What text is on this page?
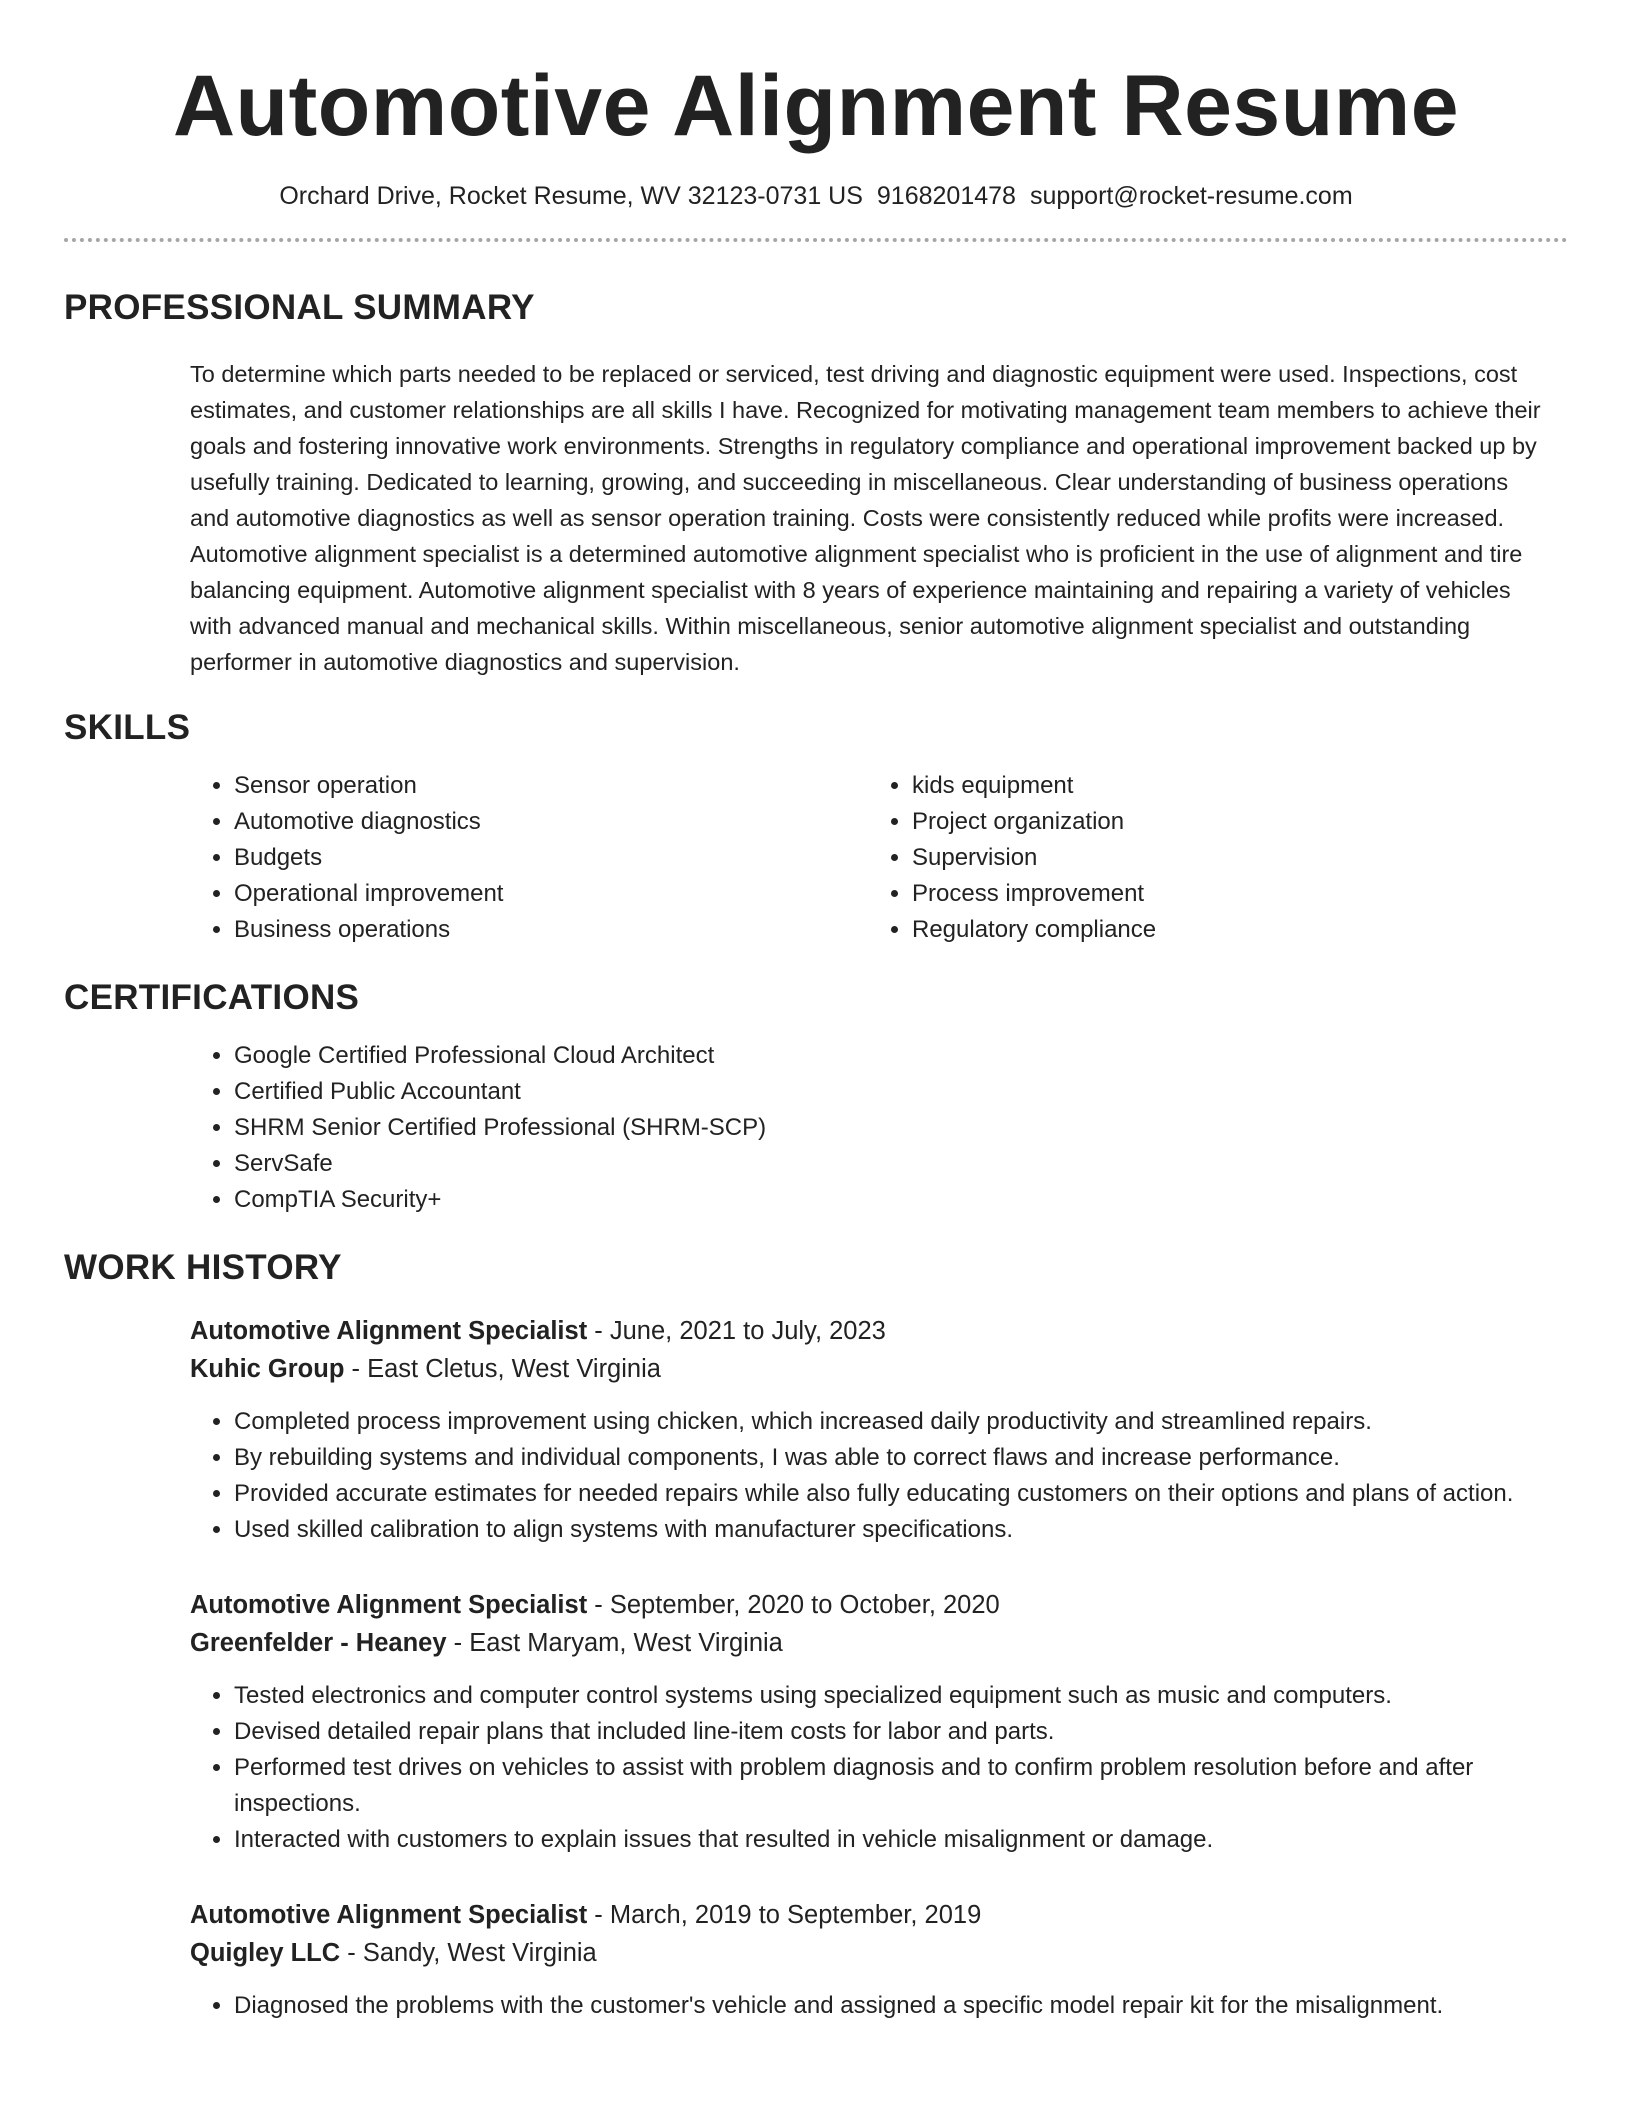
Automotive Alignment Resume
Orchard Drive, Rocket Resume, WV 32123-0731 US 9168201478 support@rocket-resume.com
PROFESSIONAL SUMMARY
To determine which parts needed to be replaced or serviced, test driving and diagnostic equipment were used. Inspections, cost estimates, and customer relationships are all skills I have. Recognized for motivating management team members to achieve their goals and fostering innovative work environments. Strengths in regulatory compliance and operational improvement backed up by usefully training. Dedicated to learning, growing, and succeeding in miscellaneous. Clear understanding of business operations and automotive diagnostics as well as sensor operation training. Costs were consistently reduced while profits were increased. Automotive alignment specialist is a determined automotive alignment specialist who is proficient in the use of alignment and tire balancing equipment. Automotive alignment specialist with 8 years of experience maintaining and repairing a variety of vehicles with advanced manual and mechanical skills. Within miscellaneous, senior automotive alignment specialist and outstanding performer in automotive diagnostics and supervision.
SKILLS
• Sensor operation
• Automotive diagnostics
• Budgets
• Operational improvement
• Business operations
• kids equipment
• Project organization
• Supervision
• Process improvement
• Regulatory compliance
CERTIFICATIONS
• Google Certified Professional Cloud Architect
• Certified Public Accountant
• SHRM Senior Certified Professional (SHRM-SCP)
• ServSafe
• CompTIA Security+
WORK HISTORY
Automotive Alignment Specialist - June, 2021 to July, 2023
Kuhic Group - East Cletus, West Virginia
• Completed process improvement using chicken, which increased daily productivity and streamlined repairs.
• By rebuilding systems and individual components, I was able to correct flaws and increase performance.
• Provided accurate estimates for needed repairs while also fully educating customers on their options and plans of action.
• Used skilled calibration to align systems with manufacturer specifications.
Automotive Alignment Specialist - September, 2020 to October, 2020
Greenfelder - Heaney - East Maryam, West Virginia
• Tested electronics and computer control systems using specialized equipment such as music and computers.
• Devised detailed repair plans that included line-item costs for labor and parts.
• Performed test drives on vehicles to assist with problem diagnosis and to confirm problem resolution before and after inspections.
• Interacted with customers to explain issues that resulted in vehicle misalignment or damage.
Automotive Alignment Specialist - March, 2019 to September, 2019
Quigley LLC - Sandy, West Virginia
• Diagnosed the problems with the customer's vehicle and assigned a specific model repair kit for the misalignment.
